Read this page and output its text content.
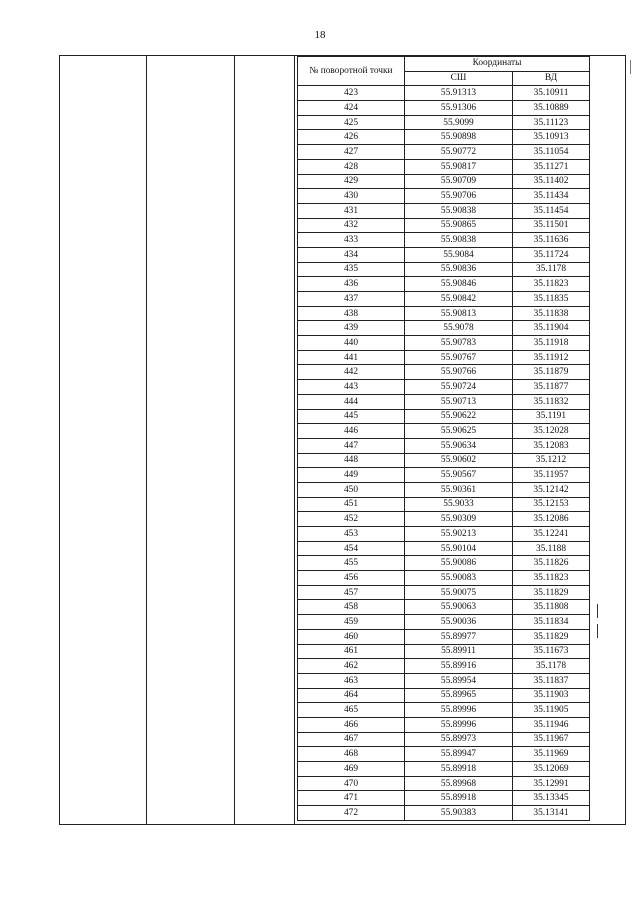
18
№ поворотной точки	Координаты	
	СШ	ВД
423	55.91313	35.10911
424	55.91306	35.10889
425	55.9099	35.11123
426	55.90898	35.10913
427	55.90772	35.11054
428	55.90817	35.11271
429	55.90709	35.11402
430	55.90706	35.11434
431	55.90838	35.11454
432	55.90865	35.11501
433	55.90838	35.11636
434	55.9084	35.11724
435	55.90836	35.1178
436	55.90846	35.11823
437	55.90842	35.11835
438	55.90813	35.11838
439	55.9078	35.11904
440	55.90783	35.11918
441	55.90767	35.11912
442	55.90766	35.11879
443	55.90724	35.11877
444	55.90713	35.11832
445	55.90622	35.1191
446	55.90625	35.12028
447	55.90634	35.12083
448	55.90602	35.1212
449	55.90567	35.11957
450	55.90361	35.12142
451	55.9033	35.12153
452	55.90309	35.12086
453	55.90213	35.12241
454	55.90104	35.1188
455	55.90086	35.11826
456	55.90083	35.11823
457	55.90075	35.11829
458	55.90063	35.11808
459	55.90036	35.11834
460	55.89977	35.11829
461	55.89911	35.11673
462	55.89916	35.1178
463	55.89954	35.11837
464	55.89965	35.11903
465	55.89996	35.11905
466	55.89996	35.11946
467	55.89973	35.11967
468	55.89947	35.11969
469	55.89918	35.12069
470	55.89968	35.12991
471	55.89918	35.13345
472	55.90383	35.13141
